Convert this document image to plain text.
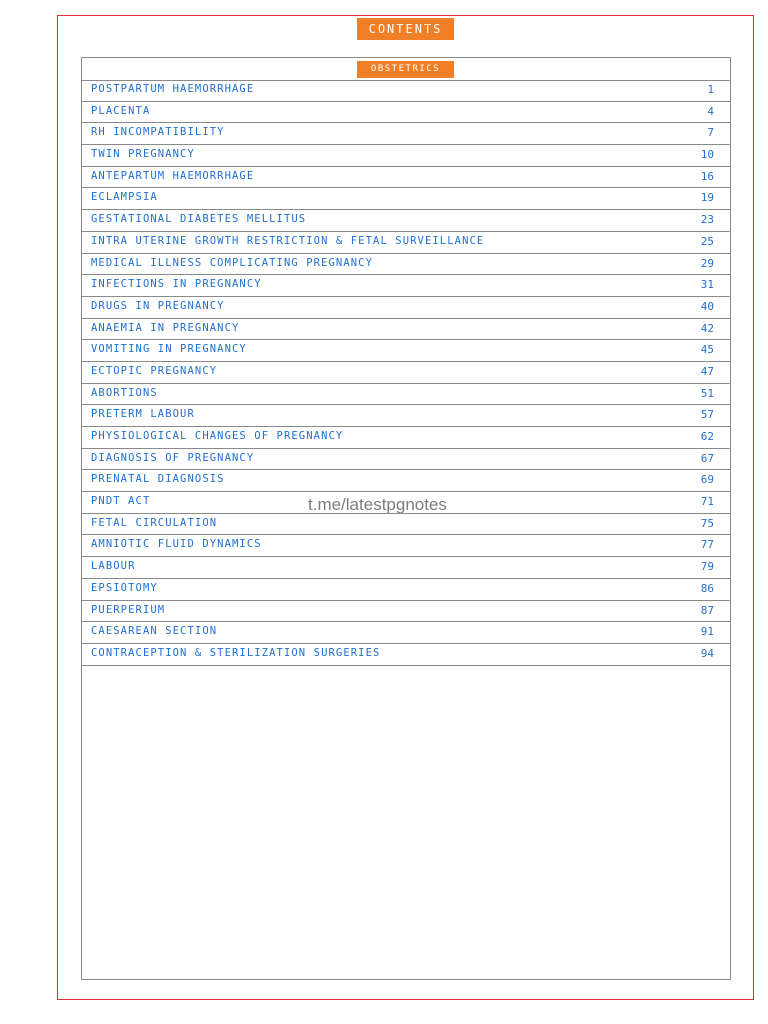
CONTENTS
OBSTETRICS
POSTPARTUM HAEMORRHAGE	1
PLACENTA	4
RH INCOMPATIBILITY	7
TWIN PREGNANCY	10
ANTEPARTUM HAEMORRHAGE	16
ECLAMPSIA	19
GESTATIONAL DIABETES MELLITUS	23
INTRA UTERINE GROWTH RESTRICTION & FETAL SURVEILLANCE	25
MEDICAL ILLNESS COMPLICATING PREGNANCY	29
INFECTIONS IN PREGNANCY	31
DRUGS IN PREGNANCY	40
ANAEMIA IN PREGNANCY	42
VOMITING IN PREGNANCY	45
ECTOPIC PREGNANCY	47
ABORTIONS	51
PRETERM LABOUR	57
PHYSIOLOGICAL CHANGES OF PREGNANCY	62
DIAGNOSIS OF PREGNANCY	67
PRENATAL DIAGNOSIS	69
PNDT ACT	71
FETAL CIRCULATION	75
AMNIOTIC FLUID DYNAMICS	77
LABOUR	79
EPSIOTOMY	86
PUERPERIUM	87
CAESAREAN SECTION	91
CONTRACEPTION & STERILIZATION SURGERIES	94
t.me/latestpgnotes
